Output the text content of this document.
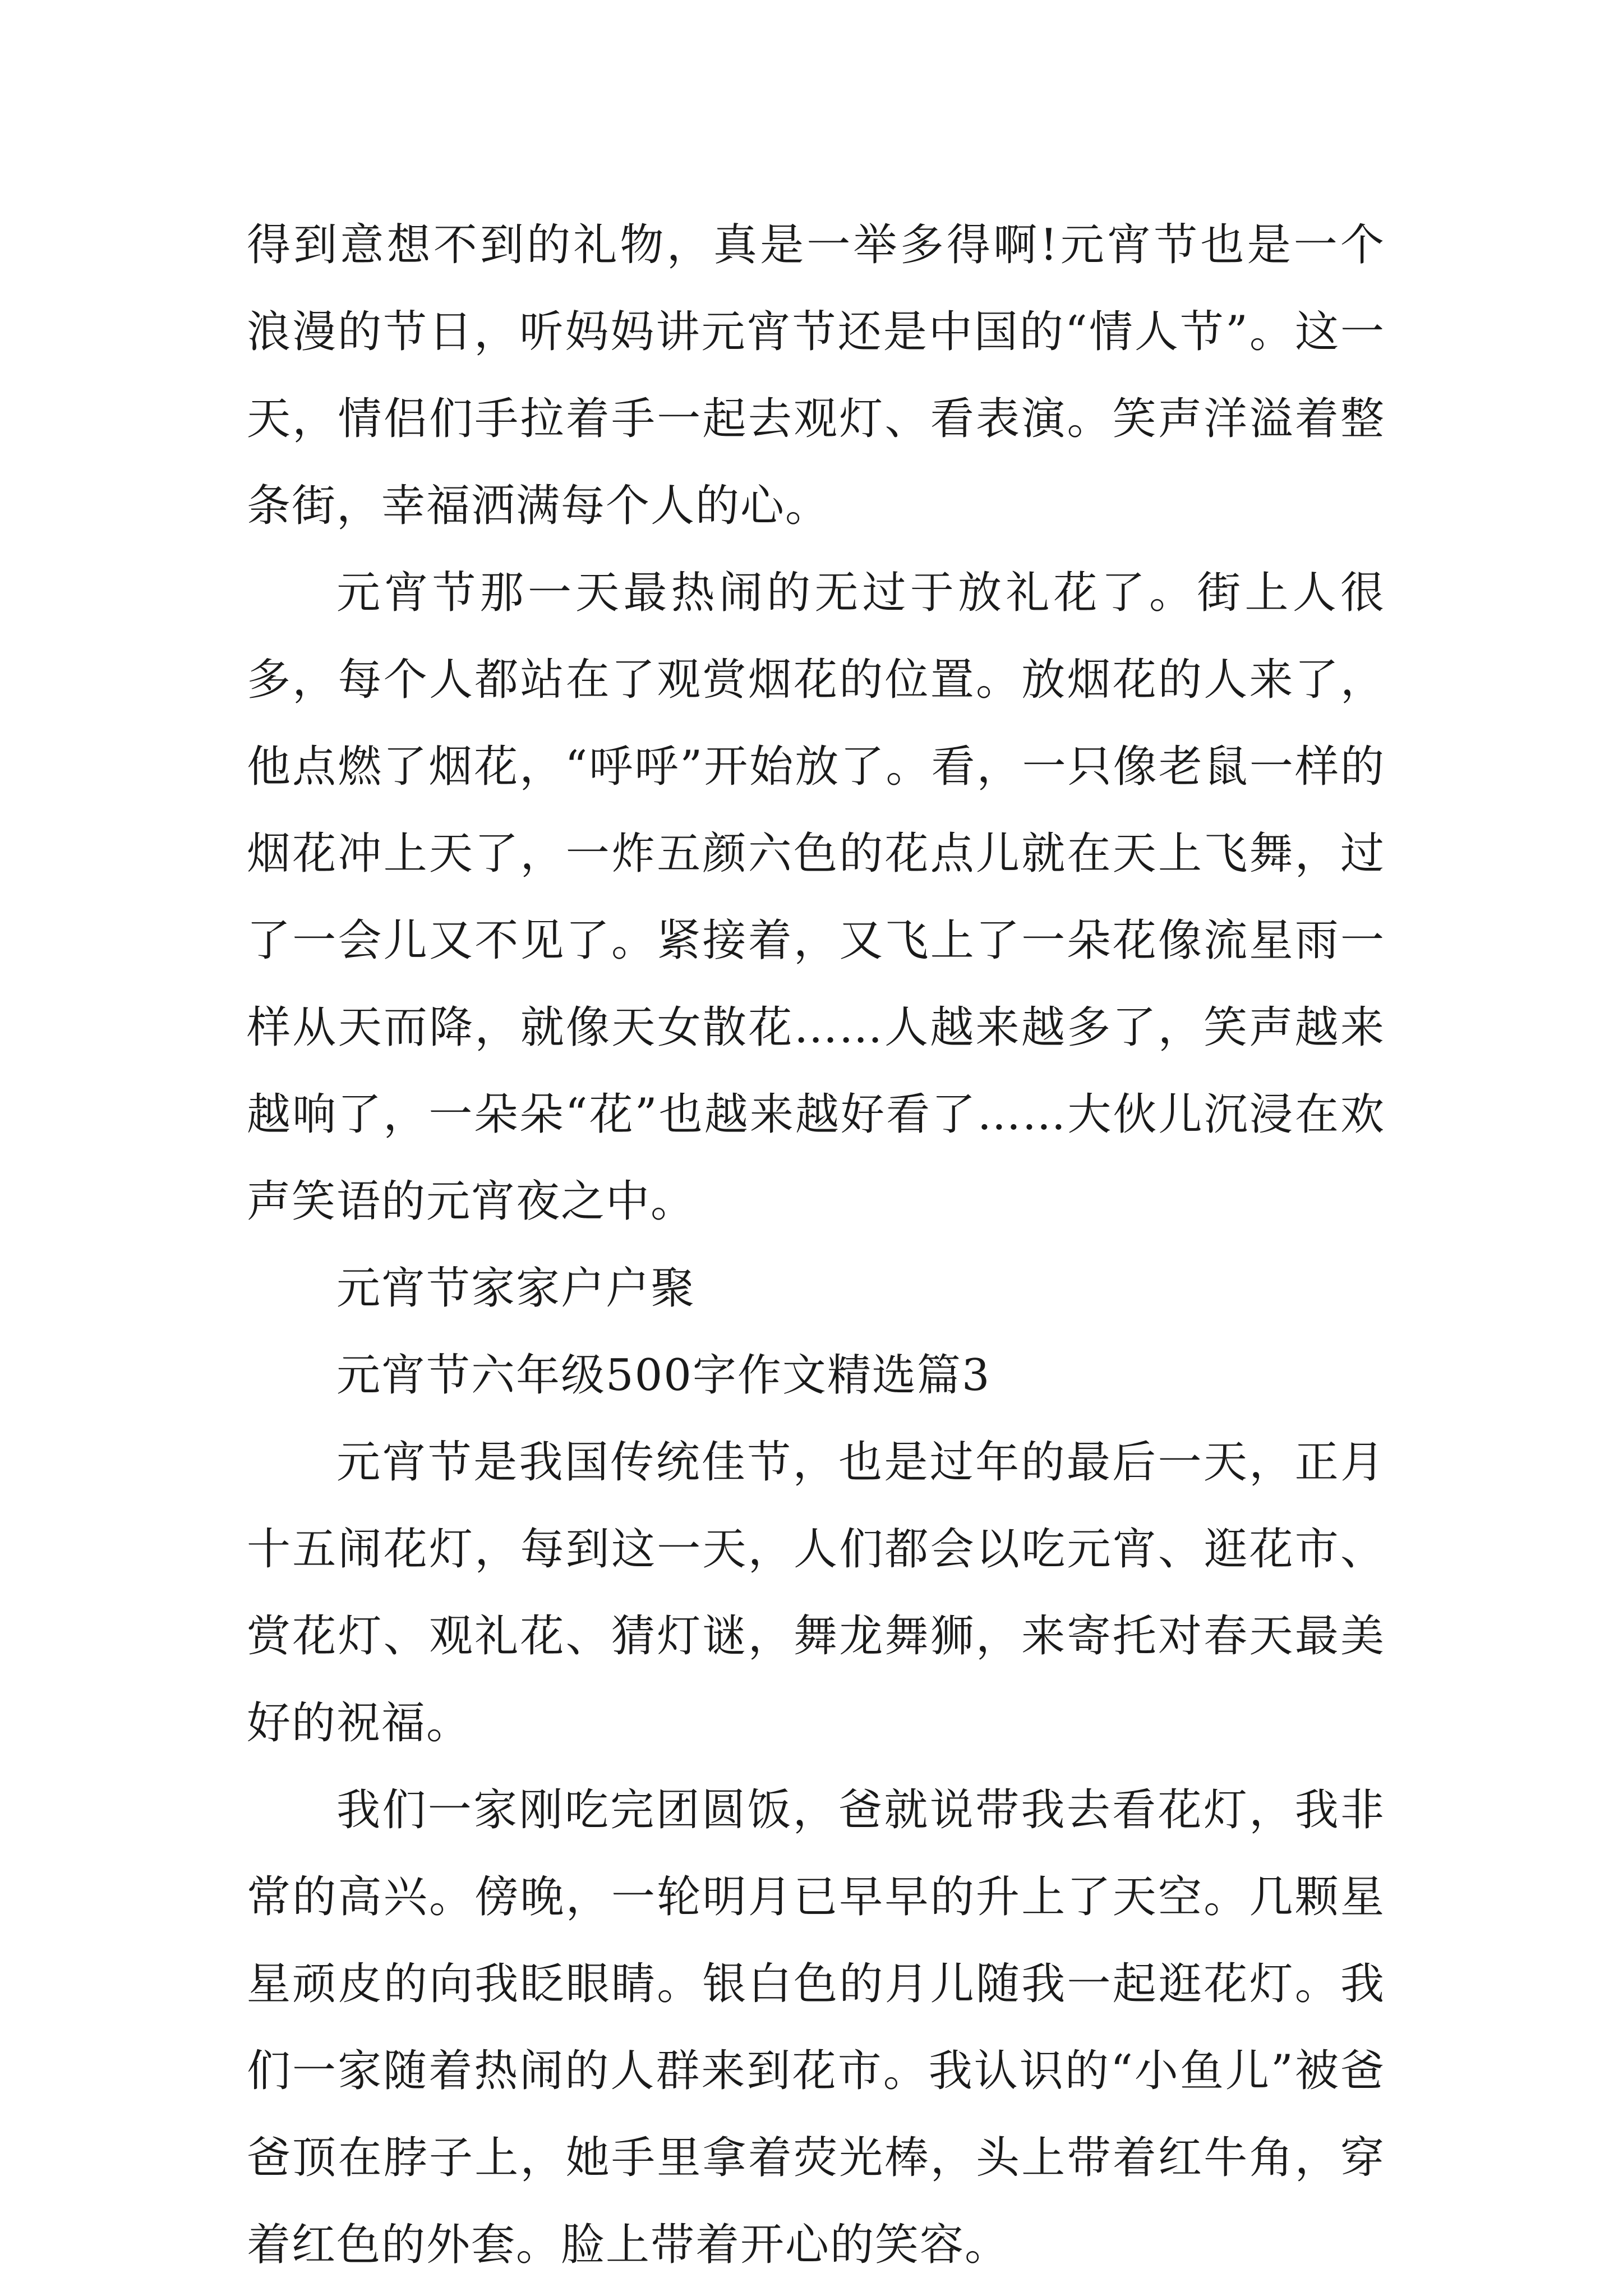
得到意想不到的礼物，真是一举多得啊!元宵节也是一个浪漫的节日，听妈妈讲元宵节还是中国的“情人节”。这一天，情侣们手拉着手一起去观灯、看表演。笑声洋溢着整条街，幸福洒满每个人的心。

元宵节那一天最热闹的无过于放礼花了。街上人很多，每个人都站在了观赏烟花的位置。放烟花的人来了，他点燃了烟花，“呼呼”开始放了。看，一只像老鼠一样的烟花冲上天了，一炸五颜六色的花点儿就在天上飞舞，过了一会儿又不见了。紧接着，又飞上了一朵花像流星雨一样从天而降，就像天女散花……人越来越多了，笑声越来越响了，一朵朵“花”也越来越好看了……大伙儿沉浸在欢声笑语的元宵夜之中。

元宵节家家户户聚

元宵节六年级500字作文精选篇3

元宵节是我国传统佳节，也是过年的最后一天，正月十五闹花灯，每到这一天，人们都会以吃元宵、逛花市、赏花灯、观礼花、猜灯谜，舞龙舞狮，来寄托对春天最美好的祝福。

我们一家刚吃完团圆饭，爸就说带我去看花灯，我非常的高兴。傍晚，一轮明月已早早的升上了天空。几颗星星顽皮的向我眨眼睛。银白色的月儿随我一起逛花灯。我们一家随着热闹的人群来到花市。我认识的“小鱼儿”被爸爸顶在脖子上，她手里拿着荧光棒，头上带着红牛角，穿着红色的外套。脸上带着开心的笑容。
